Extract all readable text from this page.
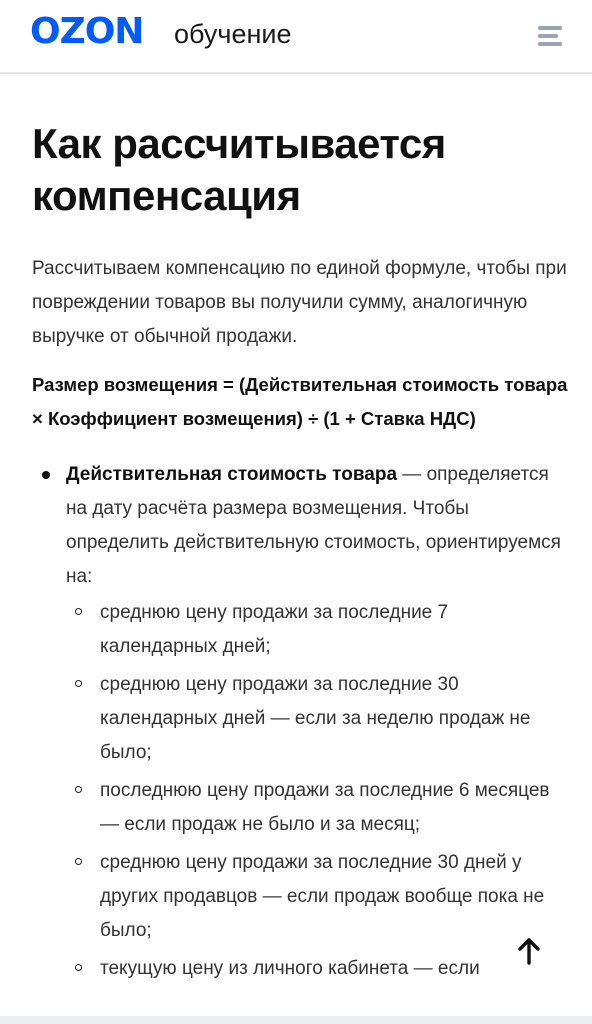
OZON обучение
Как рассчитывается компенсация

Рассчитываем компенсацию по единой формуле, чтобы при повреждении товаров вы получили сумму, аналогичную выручке от обычной продажи.

Размер возмещения = (Действительная стоимость товара × Коэффициент возмещения) ÷ (1 + Ставка НДС)

Действительная стоимость товара — определяется на дату расчёта размера возмещения. Чтобы определить действительную стоимость, ориентируемся на:
среднюю цену продажи за последние 7 календарных дней;
среднюю цену продажи за последние 30 календарных дней — если за неделю продаж не было;
последнюю цену продажи за последние 6 месяцев — если продаж не было и за месяц;
среднюю цену продажи за последние 30 дней у других продавцов — если продаж вообще пока не было;
текущую цену из личного кабинета — если
